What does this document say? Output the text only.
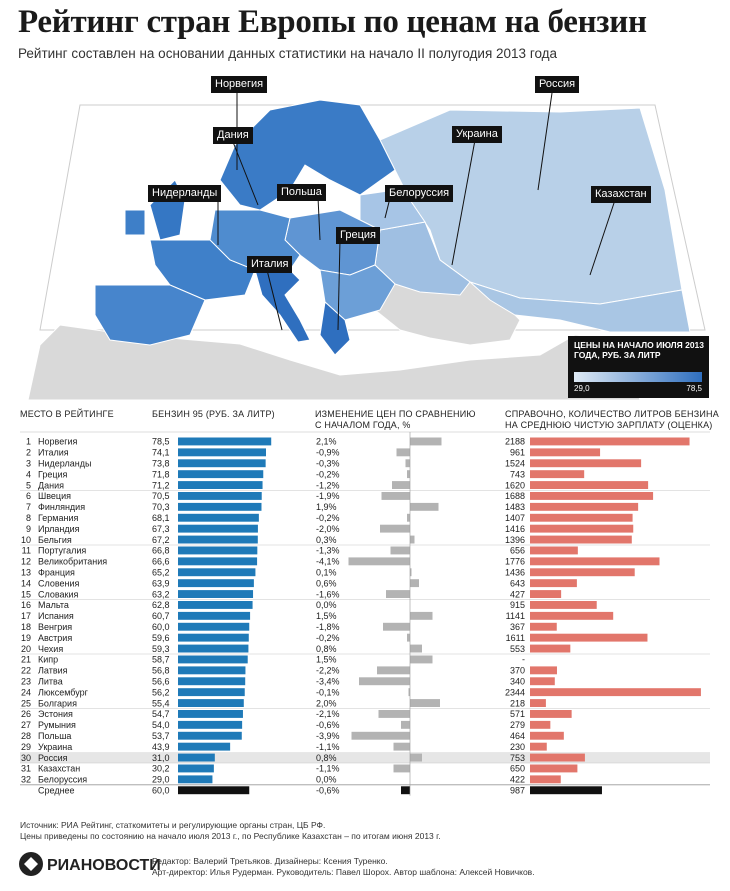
Рейтинг стран Европы по ценам на бензин
Рейтинг составлен на основании данных статистики на начало II полугодия 2013 года
Норвегия	Россия
Дания	Украина
Нидерланды	Польша	Белоруссия	Казахстан
Греция
Италия
ЦЕНЫ НА НАЧАЛО ИЮЛЯ 2013 ГОДА, РУБ. ЗА ЛИТР
29,0	78,5
МЕСТО В РЕЙТИНГЕ	БЕНЗИН 95 (РУБ. ЗА ЛИТР)	ИЗМЕНЕНИЕ ЦЕН ПО СРАВНЕНИЮ
С НАЧАЛОМ ГОДА, %
СПРАВОЧНО, КОЛИЧЕСТВО ЛИТРОВ БЕНЗИНА
НА СРЕДНЮЮ ЧИСТУЮ ЗАРПЛАТУ (ОЦЕНКА)
1 Норвегия	78,5	2,1%	2188
2 Италия	74,1	-0,9%	961
3 Нидерланды	73,8	-0,3%	1524
4 Греция	71,8	-0,2%	743
5 Дания	71,2	-1,2%	1620
6 Швеция	70,5	-1,9%	1688
7 Финляндия	70,3	1,9%	1483
8 Германия	68,1	-0,2%	1407
9 Ирландия	67,3	-2,0%	1416
10 Бельгия	67,2	0,3%	1396
11 Португалия	66,8	-1,3%	656
12 Великобритания	66,6	-4,1%	1776
13 Франция	65,2	0,1%	1436
14 Словения	63,9	0,6%	643
15 Словакия	63,2	-1,6%	427
16 Мальта	62,8	0,0%	915
17 Испания	60,7	1,5%	1141
18 Венгрия	60,0	-1,8%	367
19 Австрия	59,6	-0,2%	1611
20 Чехия	59,3	0,8%	553
21 Кипр	58,7	1,5%	-
22 Латвия	56,8	-2,2%	370
23 Литва	56,6	-3,4%	340
24 Люксембург	56,2	-0,1%	2344
25 Болгария	55,4	2,0%	218
26 Эстония	54,7	-2,1%	571
27 Румыния	54,0	-0,6%	279
28 Польша	53,7	-3,9%	464
29 Украина	43,9	-1,1%	230
30 Россия	31,0	0,8%	753
31 Казахстан	30,2	-1,1%	650
32 Белоруссия	29,0	0,0%	422
Среднее	60,0	-0,6%	987
Источник: РИА Рейтинг, статкомитеты и регулирующие органы стран, ЦБ РФ.
Цены приведены по состоянию на начало июля 2013 г., по Республике Казахстан – по итогам июня 2013 г.
РИАНОВОСТИ
Редактор: Валерий Третьяков. Дизайнеры: Ксения Туренко.
Арт-директор: Илья Рудерман. Руководитель: Павел Шорох. Автор шаблона: Алексей Новичков.
